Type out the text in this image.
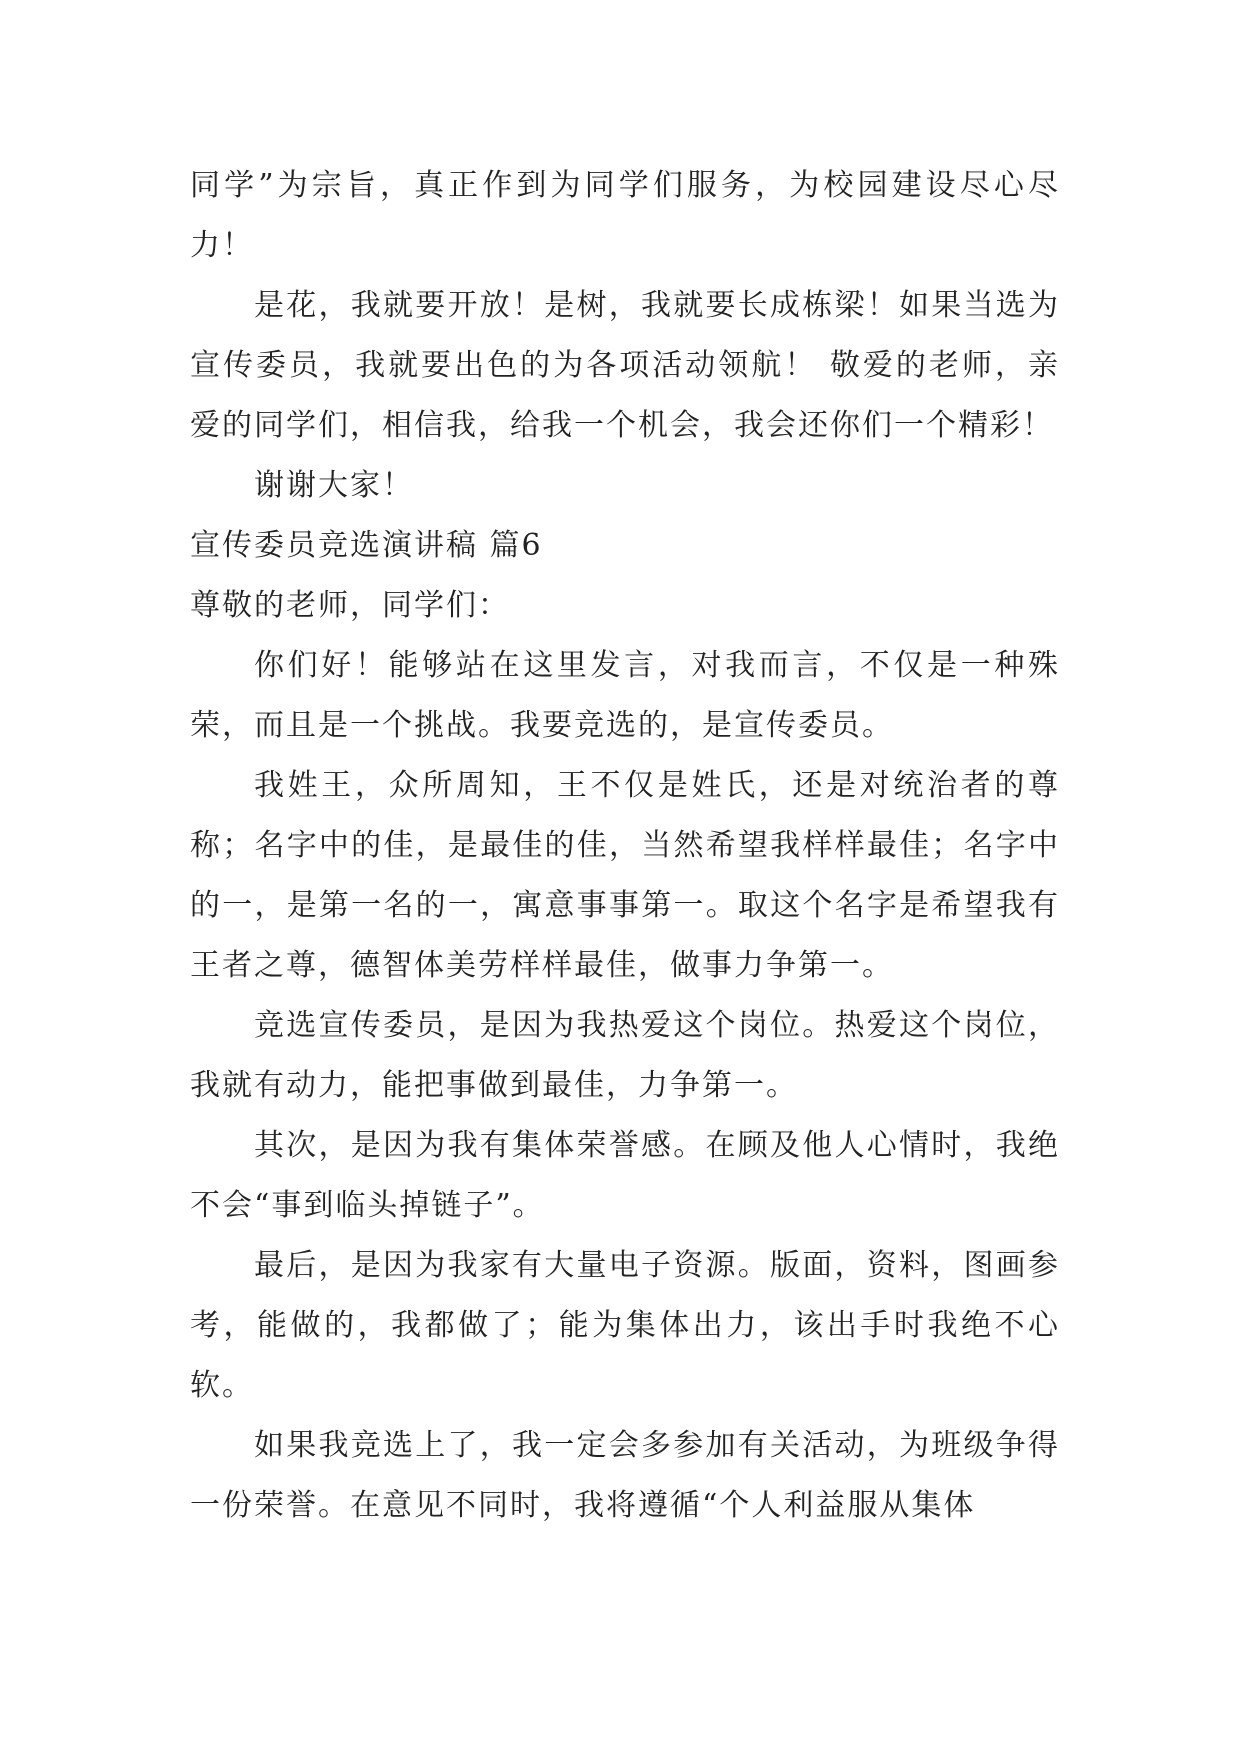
同学”为宗旨，真正作到为同学们服务，为校园建设尽心尽力！

是花，我就要开放！是树，我就要长成栋梁！如果当选为宣传委员，我就要出色的为各项活动领航！ 敬爱的老师，亲爱的同学们，相信我，给我一个机会，我会还你们一个精彩！

谢谢大家！

宣传委员竞选演讲稿 篇6

尊敬的老师，同学们：

你们好！能够站在这里发言，对我而言，不仅是一种殊荣，而且是一个挑战。我要竞选的，是宣传委员。

我姓王，众所周知，王不仅是姓氏，还是对统治者的尊称；名字中的佳，是最佳的佳，当然希望我样样最佳；名字中的一，是第一名的一，寓意事事第一。取这个名字是希望我有王者之尊，德智体美劳样样最佳，做事力争第一。

竞选宣传委员，是因为我热爱这个岗位。热爱这个岗位，我就有动力，能把事做到最佳，力争第一。

其次，是因为我有集体荣誉感。在顾及他人心情时，我绝不会“事到临头掉链子”。

最后，是因为我家有大量电子资源。版面，资料，图画参考，能做的，我都做了；能为集体出力，该出手时我绝不心软。

如果我竞选上了，我一定会多参加有关活动，为班级争得一份荣誉。在意见不同时，我将遵循“个人利益服从集体
